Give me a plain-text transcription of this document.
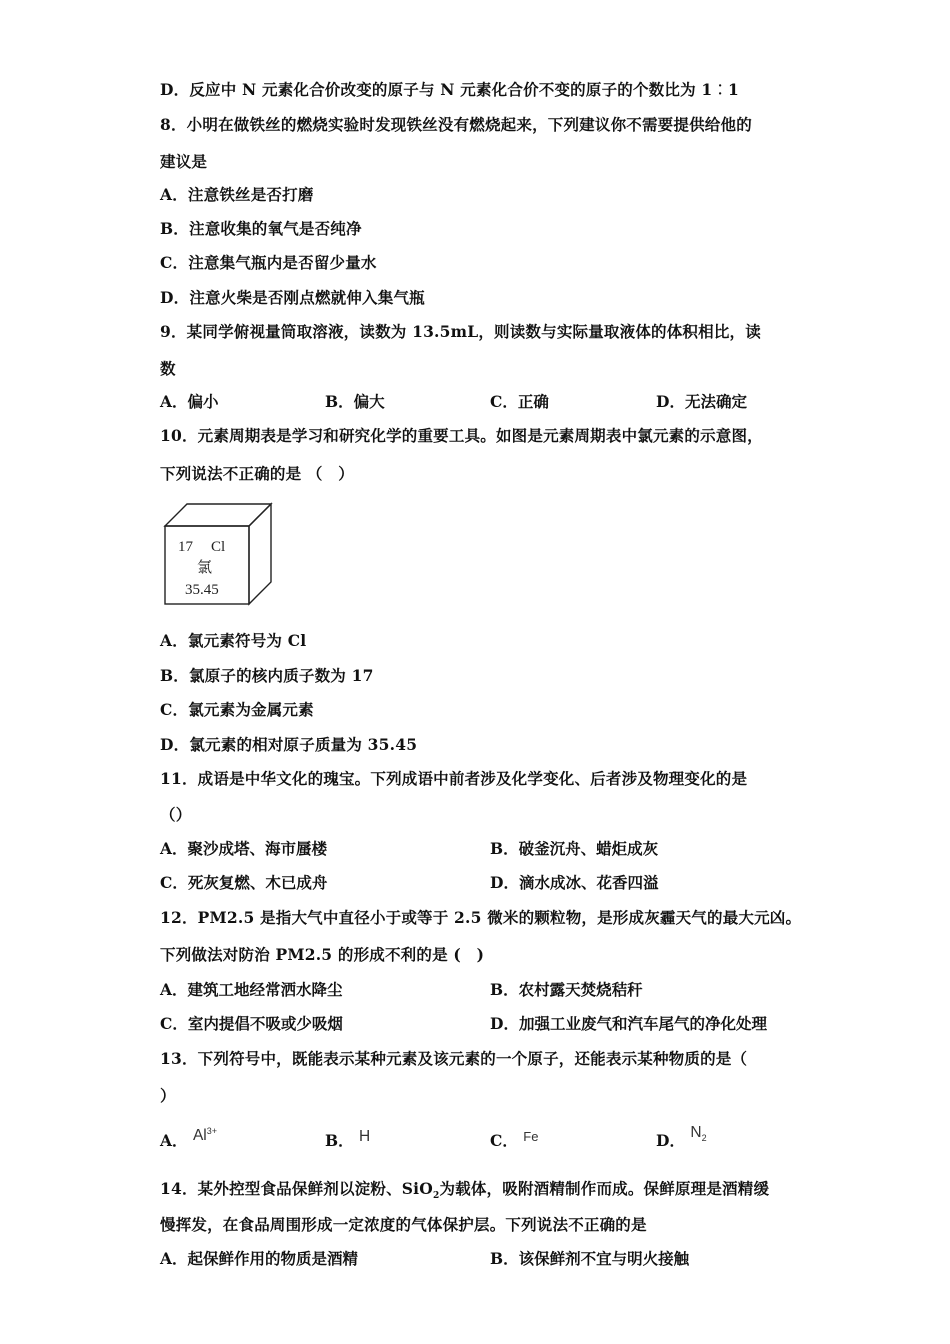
D．反应中 N 元素化合价改变的原子与 N 元素化合价不变的原子的个数比为 1︰1
8．小明在做铁丝的燃烧实验时发现铁丝没有燃烧起来，下列建议你不需要提供给他的
建议是
A．注意铁丝是否打磨
B．注意收集的氧气是否纯净
C．注意集气瓶内是否留少量水
D．注意火柴是否刚点燃就伸入集气瓶
9．某同学俯视量筒取溶液，读数为 13.5mL，则读数与实际量取液体的体积相比，读
数
A．偏小	B．偏大	C．正确	D．无法确定
10．元素周期表是学习和研究化学的重要工具。如图是元素周期表中氯元素的示意图，
下列说法不正确的是 （　）
17 Cl
氯
35.45
A．氯元素符号为 Cl
B．氯原子的核内质子数为 17
C．氯元素为金属元素
D．氯元素的相对原子质量为 35.45
11．成语是中华文化的瑰宝。下列成语中前者涉及化学变化、后者涉及物理变化的是
（）
A．聚沙成塔、海市蜃楼	B．破釜沉舟、蜡炬成灰
C．死灰复燃、木已成舟	D．滴水成冰、花香四溢
12．PM2.5 是指大气中直径小于或等于 2.5 微米的颗粒物，是形成灰霾天气的最大元凶。
下列做法对防治 PM2.5 的形成不利的是 (　)
A．建筑工地经常洒水降尘	B．农村露天焚烧秸秆
C．室内提倡不吸或少吸烟	D．加强工业废气和汽车尾气的净化处理
13．下列符号中，既能表示某种元素及该元素的一个原子，还能表示某种物质的是（
）
A． $Al^{3+}$
B． H	C． $^{Fe}$	D． $N_2$
14．某外控型食品保鲜剂以淀粉、SiO$_2$为载体，吸附酒精制作而成。保鲜原理是酒精缓
慢挥发，在食品周围形成一定浓度的气体保护层。下列说法不正确的是
A．起保鲜作用的物质是酒精	B．该保鲜剂不宜与明火接触
